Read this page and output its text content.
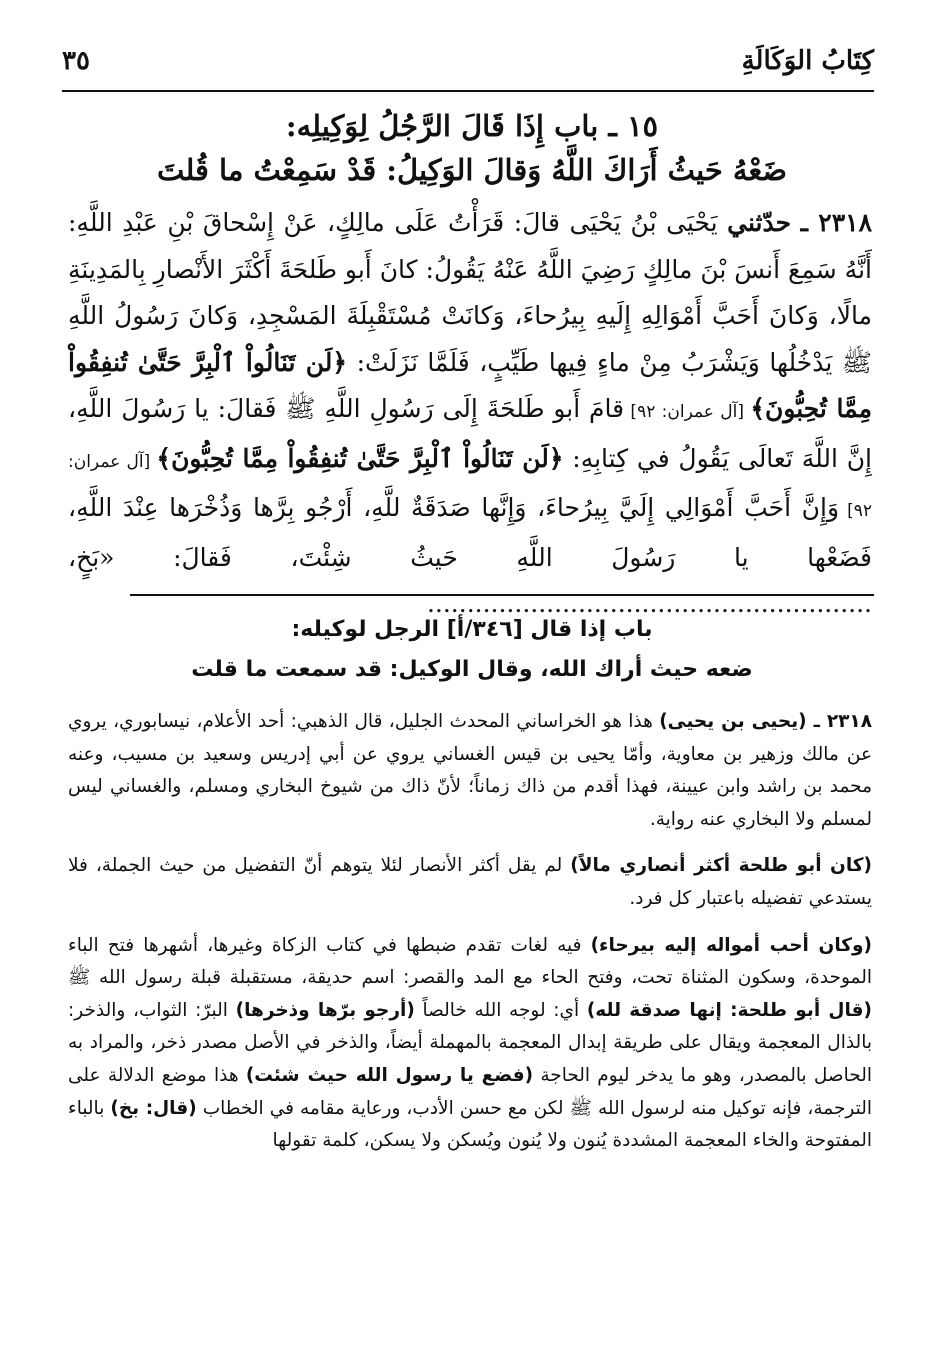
كِتَابُ الوَكَالَةِ
٣٥
١٥ ـ باب إِذَا قَالَ الرَّجُلُ لِوَكِيلِه:
ضَعْهُ حَيثُ أَرَاكَ اللَّهُ وَقالَ الوَكِيلُ: قَدْ سَمِعْتُ ما قُلتَ
٢٣١٨ ـ حدّثني يَحْيَى بْنُ يَحْيَى قالَ: قَرَأْتُ عَلَى مالِكٍ، عَنْ إِسْحاقَ بْنِ عَبْدِ اللَّهِ: أَنَّهُ سَمِعَ أَنسَ بْنَ مالِكٍ رَضِيَ اللَّهُ عَنْهُ يَقُولُ: كانَ أَبو طَلحَةَ أَكْثَرَ الأَنْصارِ بِالمَدِينَةِ مالًا، وَكانَ أَحَبَّ أَمْوَالِهِ إِلَيهِ بِيرُحاءَ، وَكانَتْ مُسْتَقْبِلَةَ المَسْجِدِ، وَكانَ رَسُولُ اللَّهِ ﷺ يَدْخُلُها وَيَشْرَبُ مِنْ ماءٍ فِيها طَيِّبٍ، فَلَمَّا نَزَلَتْ: ﴿لَن تَنَالُواْ ٱلْبِرَّ حَتَّىٰ تُنفِقُواْ مِمَّا تُحِبُّونَ﴾ [آل عمران: ٩٢] قامَ أَبو طَلحَةَ إِلَى رَسُولِ اللَّهِ ﷺ فَقالَ: يا رَسُولَ اللَّهِ، إِنَّ اللَّهَ تَعالَى يَقُولُ في كِتابِهِ: ﴿لَن تَنَالُواْ ٱلْبِرَّ حَتَّىٰ تُنفِقُواْ مِمَّا تُحِبُّونَ﴾ [آل عمران: ٩٢] وَإِنَّ أَحَبَّ أَمْوَالِي إِلَيَّ بِيرُحاءَ، وَإِنَّها صَدَقَةٌ للَّهِ، أَرْجُو بِرَّها وَذُخْرَها عِنْدَ اللَّهِ، فَضَعْها يا رَسُولَ اللَّهِ حَيثُ شِئْتَ، فَقالَ: «بَخٍ، ........................................................
باب إذا قال [٣٤٦/أ] الرجل لوكيله:
ضعه حيث أراك الله، وقال الوكيل: قد سمعت ما قلت

٢٣١٨ ـ (يحيى بن يحيى) هذا هو الخراساني المحدث الجليل، قال الذهبي: أحد الأعلام، نيسابوري، يروي عن مالك وزهير بن معاوية، وأمّا يحيى بن قيس الغساني يروي عن أبي إدريس وسعيد بن مسيب، وعنه محمد بن راشد وابن عيينة، فهذا أقدم من ذاك زماناً؛ لأنّ ذاك من شيوخ البخاري ومسلم، والغساني ليس لمسلم ولا البخاري عنه رواية.

(كان أبو طلحة أكثر أنصاري مالاً) لم يقل أكثر الأنصار لئلا يتوهم أنّ التفضيل من حيث الجملة، فلا يستدعي تفضيله باعتبار كل فرد.

(وكان أحب أمواله إليه بيرحاء) فيه لغات تقدم ضبطها في كتاب الزكاة وغيرها، أشهرها فتح الباء الموحدة، وسكون المثناة تحت، وفتح الحاء مع المد والقصر: اسم حديقة، مستقبلة قبلة رسول الله ﷺ (قال أبو طلحة: إنها صدقة لله) أي: لوجه الله خالصاً (أرجو برّها وذخرها) البرّ: الثواب، والذخر: بالذال المعجمة ويقال على طريقة إبدال المعجمة بالمهملة أيضاً، والذخر في الأصل مصدر ذخر، والمراد به الحاصل بالمصدر، وهو ما يدخر ليوم الحاجة (فضع يا رسول الله حيث شئت) هذا موضع الدلالة على الترجمة، فإنه توكيل منه لرسول الله ﷺ لكن مع حسن الأدب، ورعاية مقامه في الخطاب (قال: بخ) بالباء المفتوحة والخاء المعجمة المشددة يُنون ولا يُنون ويُسكن ولا يسكن، كلمة تقولها
